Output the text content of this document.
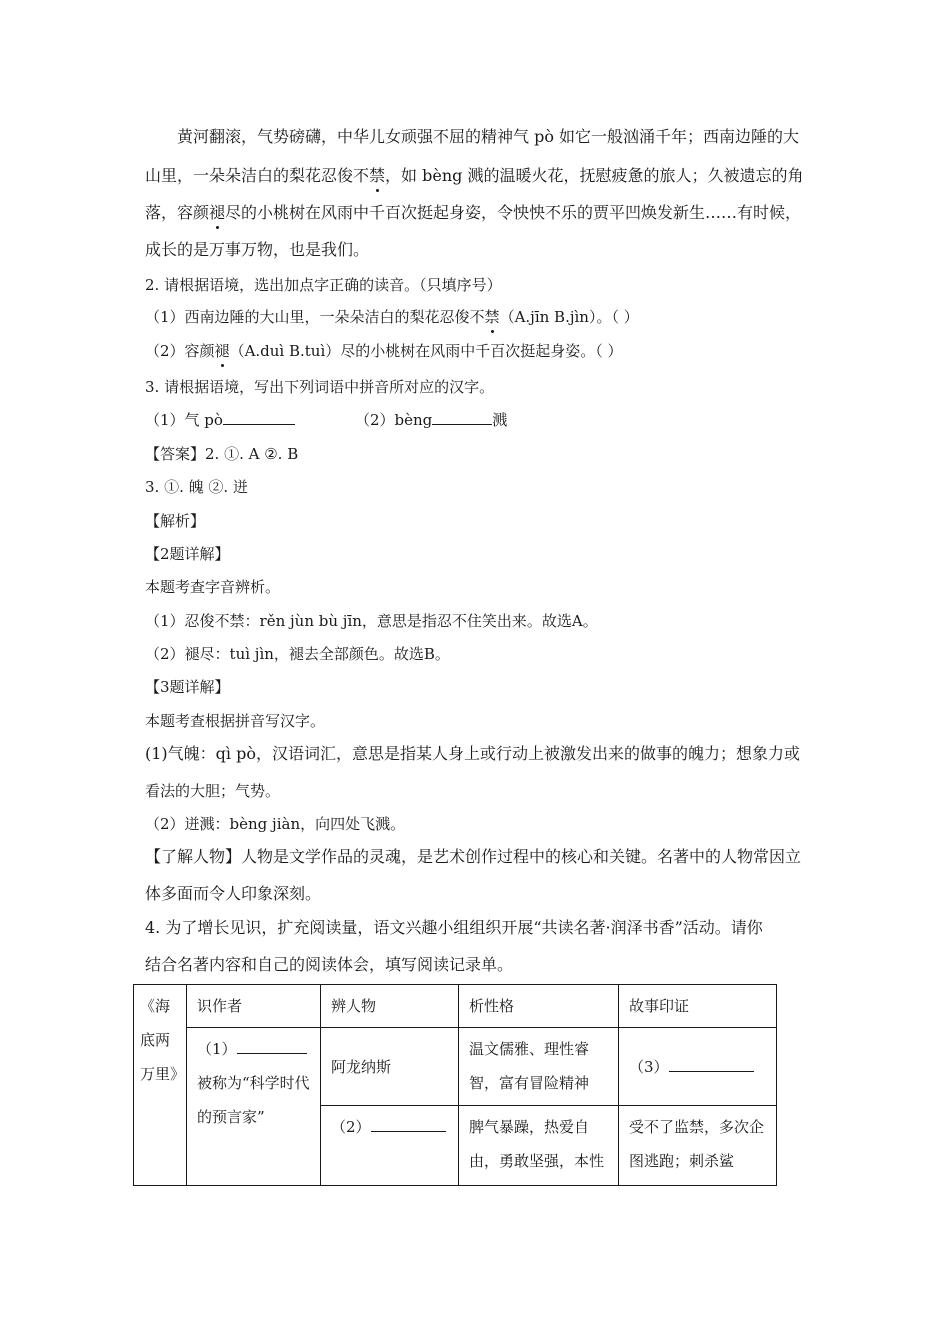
黄河翻滚，气势磅礴，中华儿女顽强不屈的精神气 pò 如它一般汹涌千年；西南边陲的大
山里，一朵朵洁白的梨花忍俊不禁，如 bèng 溅的温暖火花，抚慰疲惫的旅人；久被遗忘的角
落，容颜褪尽的小桃树在风雨中千百次挺起身姿，令怏怏不乐的贾平凹焕发新生……有时候，
成长的是万事万物，也是我们。
2. 请根据语境，选出加点字正确的读音。（只填序号）
（1）西南边陲的大山里，一朵朵洁白的梨花忍俊不禁（A.jīn B.jìn）。（ ）
（2）容颜褪（A.duì B.tuì）尽的小桃树在风雨中千百次挺起身姿。（ ）
3. 请根据语境，写出下列词语中拼音所对应的汉字。
（1）气 pò	（2）bèng	溅
【答案】2. ①. A ②. B
3. ①. 魄 ②. 迸
【解析】
【2题详解】
本题考查字音辨析。
（1）忍俊不禁：rěn jùn bù jīn，意思是指忍不住笑出来。故选A。
（2）褪尽：tuì jìn，褪去全部颜色。故选B。
【3题详解】
本题考查根据拼音写汉字。
(1)气魄：qì pò，汉语词汇，意思是指某人身上或行动上被激发出来的做事的魄力；想象力或
看法的大胆；气势。
（2）迸溅：bèng jiàn，向四处飞溅。
【了解人物】人物是文学作品的灵魂，是艺术创作过程中的核心和关键。名著中的人物常因立
体多面而令人印象深刻。
4. 为了增长见识，扩充阅读量，语文兴趣小组组织开展“共读名著·润泽书香”活动。请你
结合名著内容和自己的阅读体会，填写阅读记录单。
《海底两万里》	识作者	辨人物	析性格	故事印证
	（1）被称为“科学时代的预言家”	阿龙纳斯	温文儒雅、理性睿智，富有冒险精神	（3）
		（2）	脾气暴躁，热爱自由，勇敢坚强，本性	受不了监禁，多次企图逃跑；刺杀鲨
